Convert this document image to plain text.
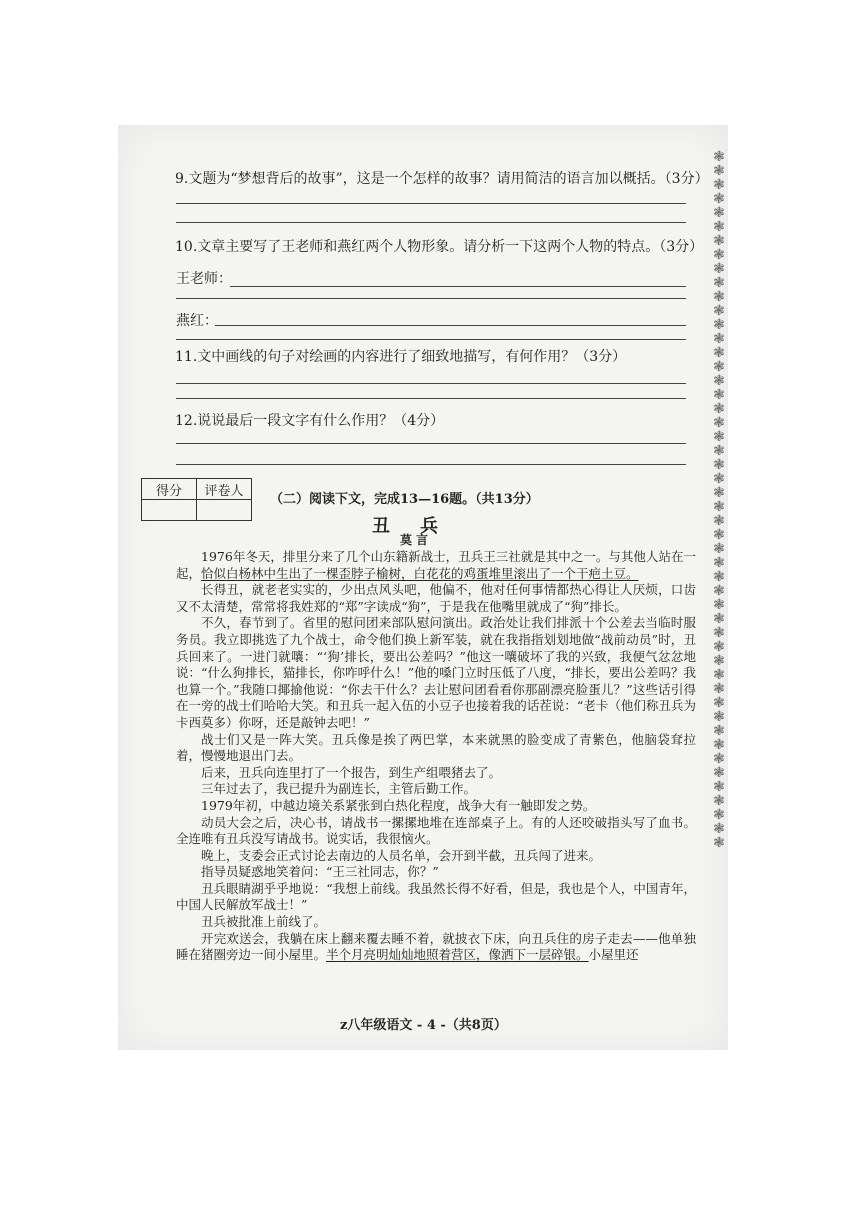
❃❃❃❃❃❃❃❃❃❃❃❃❃❃❃❃❃❃❃❃❃❃❃❃❃❃❃❃❃❃❃❃❃❃❃❃❃❃❃❃❃❃❃❃❃❃❃❃❃❃
9.文题为“梦想背后的故事”，这是一个怎样的故事？请用简洁的语言加以概括。（3分）
10.文章主要写了王老师和燕红两个人物形象。请分析一下这两个人物的特点。（3分）
王老师：
燕红：
11.文中画线的句子对绘画的内容进行了细致地描写，有何作用？（3分）
12.说说最后一段文字有什么作用？（4分）
得分	评卷人

（二）阅读下文，完成13—16题。（共13分）
丑兵
莫言

1976年冬天，排里分来了几个山东籍新战士，丑兵王三社就是其中之一。与其他人站在一起，恰似白杨林中生出了一棵歪脖子榆树，白花花的鸡蛋堆里滚出了一个干疤土豆。

长得丑，就老老实实的，少出点风头吧，他偏不，他对任何事情都热心得让人厌烦，口齿又不太清楚，常常将我姓郑的“郑”字读成“狗”，于是我在他嘴里就成了“狗”排长。

不久，春节到了。省里的慰问团来部队慰问演出。政治处让我们排派十个公差去当临时服务员。我立即挑选了九个战士，命令他们换上新军装，就在我指指划划地做“战前动员”时，丑兵回来了。一进门就嚷：“‘狗’排长，要出公差吗？”他这一嚷破坏了我的兴致，我便气忿忿地说：“什么狗排长，猫排长，你咋呼什么！”他的嗓门立时压低了八度，“排长，要出公差吗？我也算一个。”我随口揶揄他说：“你去干什么？去让慰问团看看你那副漂亮脸蛋儿？”这些话引得在一旁的战士们哈哈大笑。和丑兵一起入伍的小豆子也接着我的话茬说：“老卡（他们称丑兵为卡西莫多）你呀，还是敲钟去吧！”

战士们又是一阵大笑。丑兵像是挨了两巴掌，本来就黑的脸变成了青紫色，他脑袋耷拉着，慢慢地退出门去。

后来，丑兵向连里打了一个报告，到生产组喂猪去了。

三年过去了，我已提升为副连长，主管后勤工作。

1979年初，中越边境关系紧张到白热化程度，战争大有一触即发之势。

动员大会之后，决心书，请战书一摞摞地堆在连部桌子上。有的人还咬破指头写了血书。全连唯有丑兵没写请战书。说实话，我很恼火。

晚上，支委会正式讨论去南边的人员名单，会开到半截，丑兵闯了进来。

指导员疑惑地笑着问：“王三社同志，你？”

丑兵眼睛湖乎乎地说：“我想上前线。我虽然长得不好看，但是，我也是个人，中国青年，中国人民解放军战士！”

丑兵被批准上前线了。

开完欢送会，我躺在床上翻来覆去睡不着，就披衣下床，向丑兵住的房子走去——他单独睡在猪圈旁边一间小屋里。半个月亮明灿灿地照着营区，像洒下一层碎银。小屋里还

z八年级语文 - 4 -（共8页）
